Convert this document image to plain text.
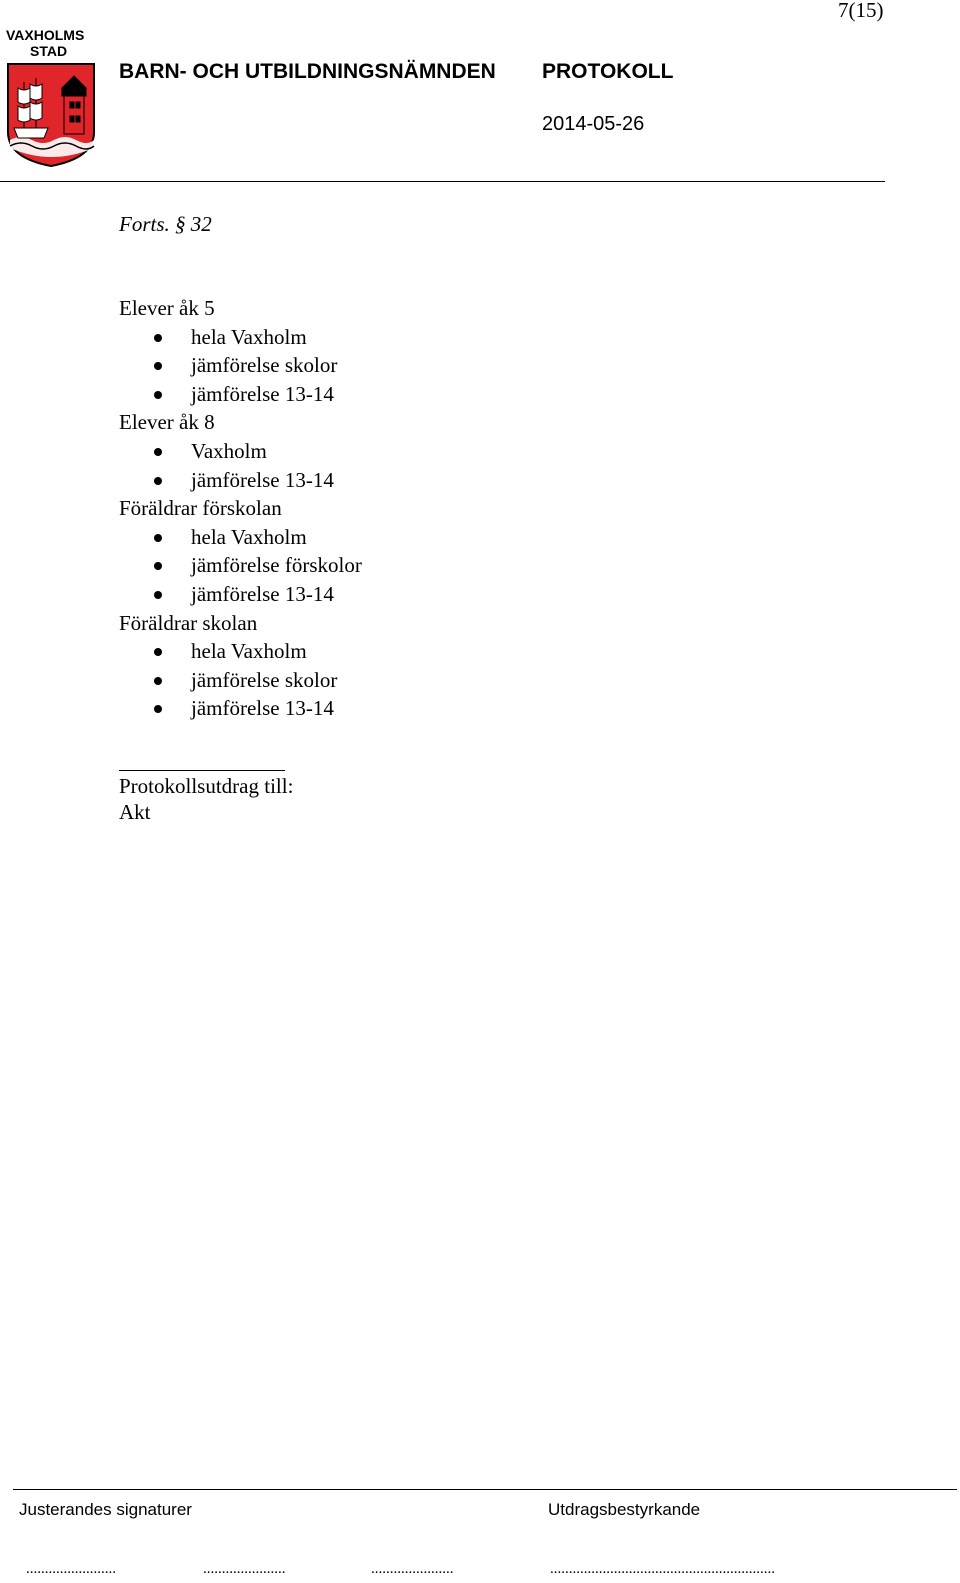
7(15)
VAXHOLMS
STAD
BARN- OCH UTBILDNINGSNÄMNDEN PROTOKOLL
2014-05-26
Forts. § 32
Elever åk 5
hela Vaxholm
jämförelse skolor
jämförelse 13-14
Elever åk 8
Vaxholm
jämförelse 13-14
Föräldrar förskolan
hela Vaxholm
jämförelse förskolor
jämförelse 13-14
Föräldrar skolan
hela Vaxholm
jämförelse skolor
jämförelse 13-14
Protokollsutdrag till:
Akt
Justerandes signaturer	Utdragsbestyrkande
........................	......................	......................	............................................................
